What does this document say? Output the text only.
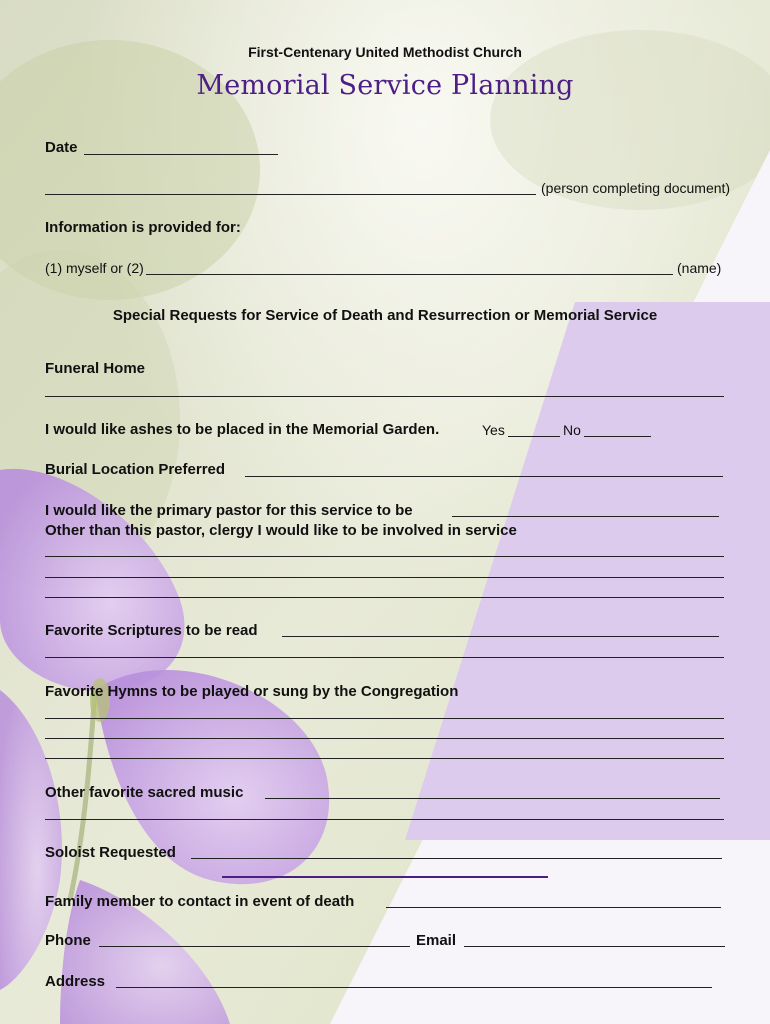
First-Centenary United Methodist Church
Memorial Service Planning
Date
(person completing document)
Information is provided for:
(1) myself or (2)	(name)
Special Requests for Service of Death and Resurrection or Memorial Service
Funeral Home
I would like ashes to be placed in the Memorial Garden.	Yes	No
Burial Location Preferred
I would like the primary pastor for this service to be
Other than this pastor, clergy I would like to be involved in service
Favorite Scriptures to be read
Favorite Hymns to be played or sung by the Congregation
Other favorite sacred music
Soloist Requested
Family member to contact in event of death
Phone	Email
Address
